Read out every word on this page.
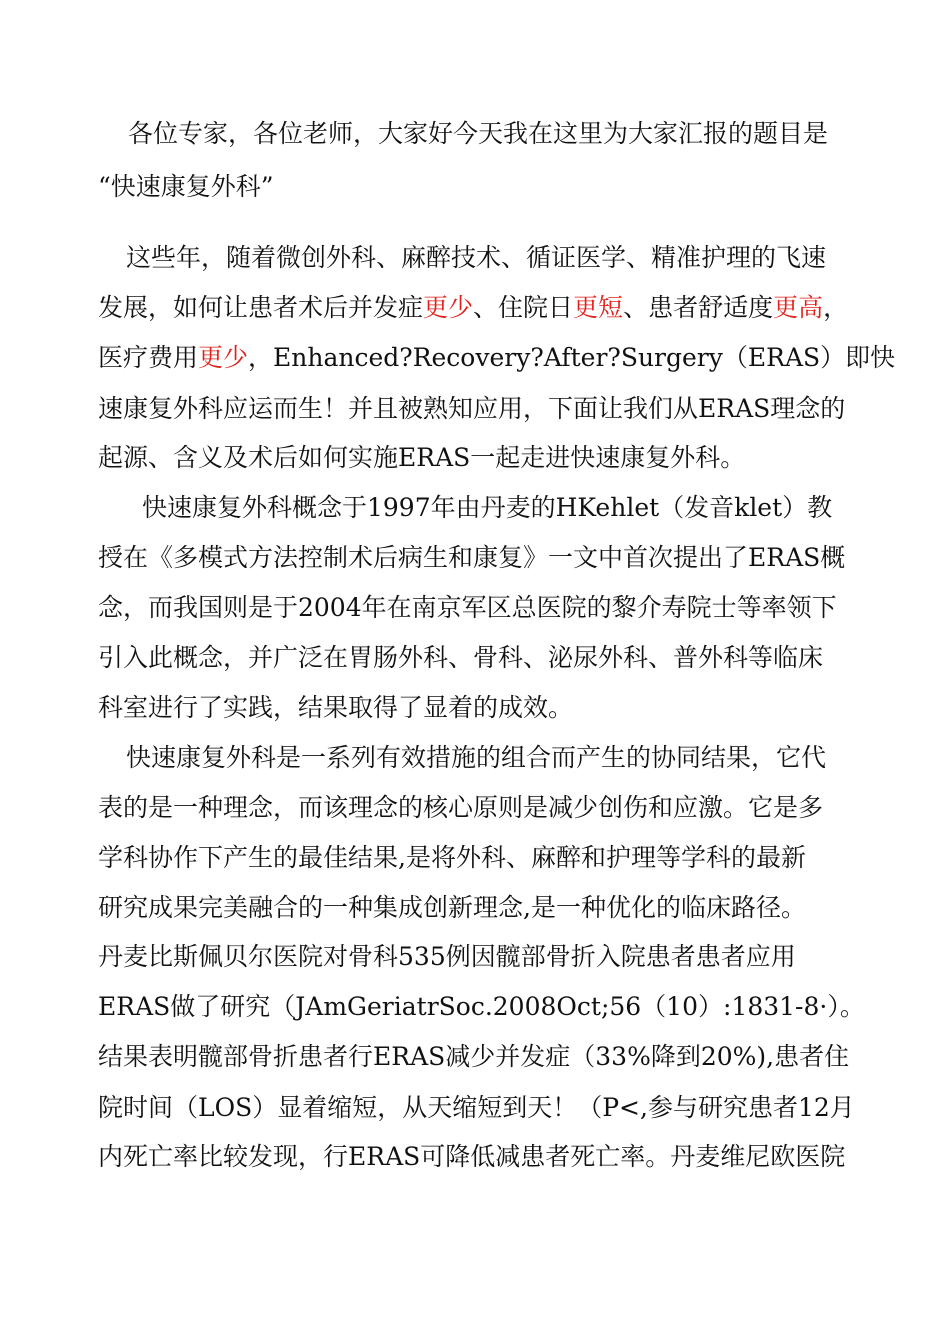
各位专家，各位老师，大家好今天我在这里为大家汇报的题目是
“快速康复外科”
这些年，随着微创外科、麻醉技术、循证医学、精准护理的飞速
发展，如何让患者术后并发症更少、住院日更短、患者舒适度更高，
医疗费用更少，Enhanced?Recovery?After?Surgery（ERAS）即快
速康复外科应运而生！并且被熟知应用，下面让我们从ERAS理念的
起源、含义及术后如何实施ERAS一起走进快速康复外科。
快速康复外科概念于1997年由丹麦的HKehlet（发音klet）教
授在《多模式方法控制术后病生和康复》一文中首次提出了ERAS概
念，而我国则是于2004年在南京军区总医院的黎介寿院士等率领下
引入此概念，并广泛在胃肠外科、骨科、泌尿外科、普外科等临床
科室进行了实践，结果取得了显着的成效。
快速康复外科是一系列有效措施的组合而产生的协同结果，它代
表的是一种理念，而该理念的核心原则是减少创伤和应激。它是多
学科协作下产生的最佳结果,是将外科、麻醉和护理等学科的最新
研究成果完美融合的一种集成创新理念,是一种优化的临床路径。
丹麦比斯佩贝尔医院对骨科535例因髋部骨折入院患者患者应用
ERAS做了研究（JAmGeriatrSoc.2008Oct;56（10）:1831-8·）。
结果表明髋部骨折患者行ERAS减少并发症（33%降到20%),患者住
院时间（LOS）显着缩短，从天缩短到天！（P<,参与研究患者12月
内死亡率比较发现，行ERAS可降低减患者死亡率。丹麦维尼欧医院
